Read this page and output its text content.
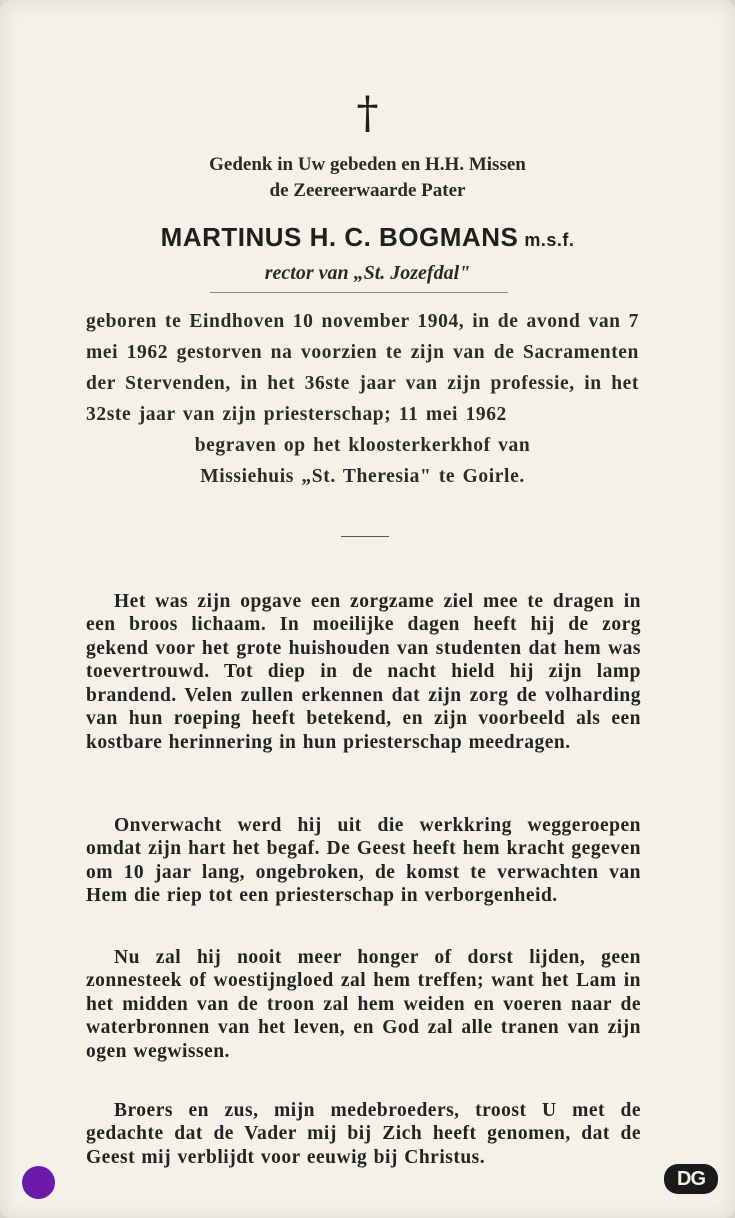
†
Gedenk in Uw gebeden en H.H. Missen
de Zeereerwaarde Pater
MARTINUS H. C. BOGMANS m.s.f.
rector van „St. Jozefdal"
geboren te Eindhoven 10 november 1904, in de avond van 7 mei 1962 gestorven na voorzien te zijn van de Sacramenten der Stervenden, in het 36ste jaar van zijn professie, in het 32ste jaar van zijn priesterschap; 11 mei 1962
begraven op het kloosterkerkhof van
Missiehuis „St. Theresia" te Goirle.

Het was zijn opgave een zorgzame ziel mee te dragen in een broos lichaam. In moeilijke dagen heeft hij de zorg gekend voor het grote huishouden van studenten dat hem was toevertrouwd. Tot diep in de nacht hield hij zijn lamp brandend. Velen zullen erkennen dat zijn zorg de volharding van hun roeping heeft betekend, en zijn voorbeeld als een kostbare herinnering in hun priesterschap meedragen.

Onverwacht werd hij uit die werkkring weggeroepen omdat zijn hart het begaf. De Geest heeft hem kracht gegeven om 10 jaar lang, ongebroken, de komst te verwachten van Hem die riep tot een priesterschap in verborgenheid.

Nu zal hij nooit meer honger of dorst lijden, geen zonnesteek of woestijngloed zal hem treffen; want het Lam in het midden van de troon zal hem weiden en voeren naar de waterbronnen van het leven, en God zal alle tranen van zijn ogen wegwissen.

Broers en zus, mijn medebroeders, troost U met de gedachte dat de Vader mij bij Zich heeft genomen, dat de Geest mij verblijdt voor eeuwig bij Christus.

DG
